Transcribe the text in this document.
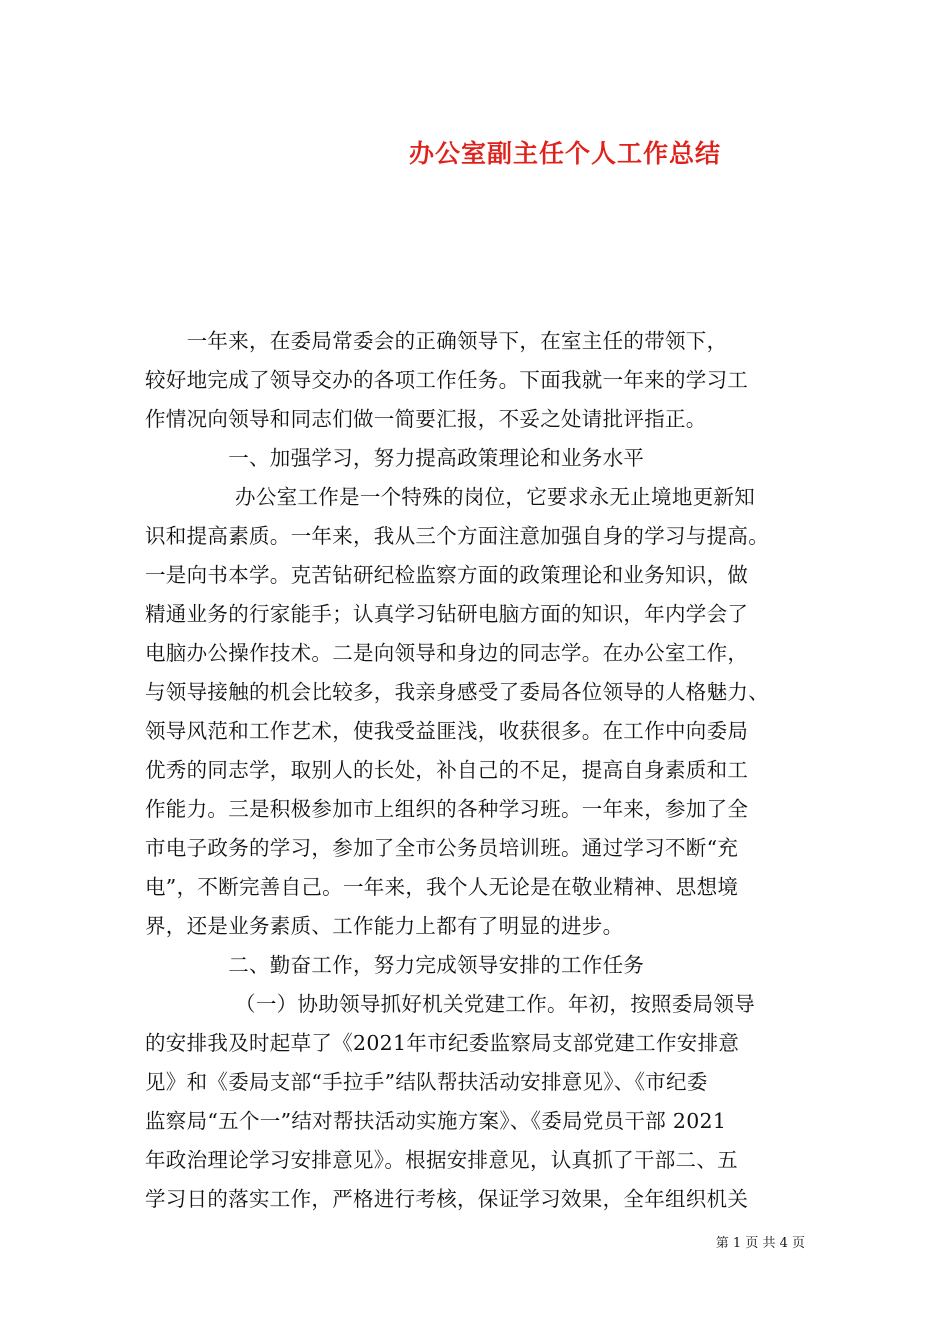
办公室副主任个人工作总结
　　一年来，在委局常委会的正确领导下，在室主任的带领下，
较好地完成了领导交办的各项工作任务。下面我就一年来的学习工
作情况向领导和同志们做一简要汇报，不妥之处请批评指正。
　　　　一、加强学习，努力提高政策理论和业务水平
　　　　 办公室工作是一个特殊的岗位，它要求永无止境地更新知
识和提高素质。一年来，我从三个方面注意加强自身的学习与提高。
一是向书本学。克苦钻研纪检监察方面的政策理论和业务知识，做
精通业务的行家能手；认真学习钻研电脑方面的知识，年内学会了
电脑办公操作技术。二是向领导和身边的同志学。在办公室工作，
与领导接触的机会比较多，我亲身感受了委局各位领导的人格魅力、
领导风范和工作艺术，使我受益匪浅，收获很多。在工作中向委局
优秀的同志学，取别人的长处，补自己的不足，提高自身素质和工
作能力。三是积极参加市上组织的各种学习班。一年来，参加了全
市电子政务的学习，参加了全市公务员培训班。通过学习不断“充
电”，不断完善自己。一年来，我个人无论是在敬业精神、思想境
界，还是业务素质、工作能力上都有了明显的进步。
　　　　二、勤奋工作，努力完成领导安排的工作任务
　　　　 （一）协助领导抓好机关党建工作。年初，按照委局领导
的安排我及时起草了《2021年市纪委监察局支部党建工作安排意
见》和《委局支部“手拉手”结队帮扶活动安排意见》、《市纪委
监察局“五个一”结对帮扶活动实施方案》、《委局党员干部 2021
年政治理论学习安排意见》。根据安排意见，认真抓了干部二、五
学习日的落实工作，严格进行考核，保证学习效果，全年组织机关
第 1 页 共 4 页
